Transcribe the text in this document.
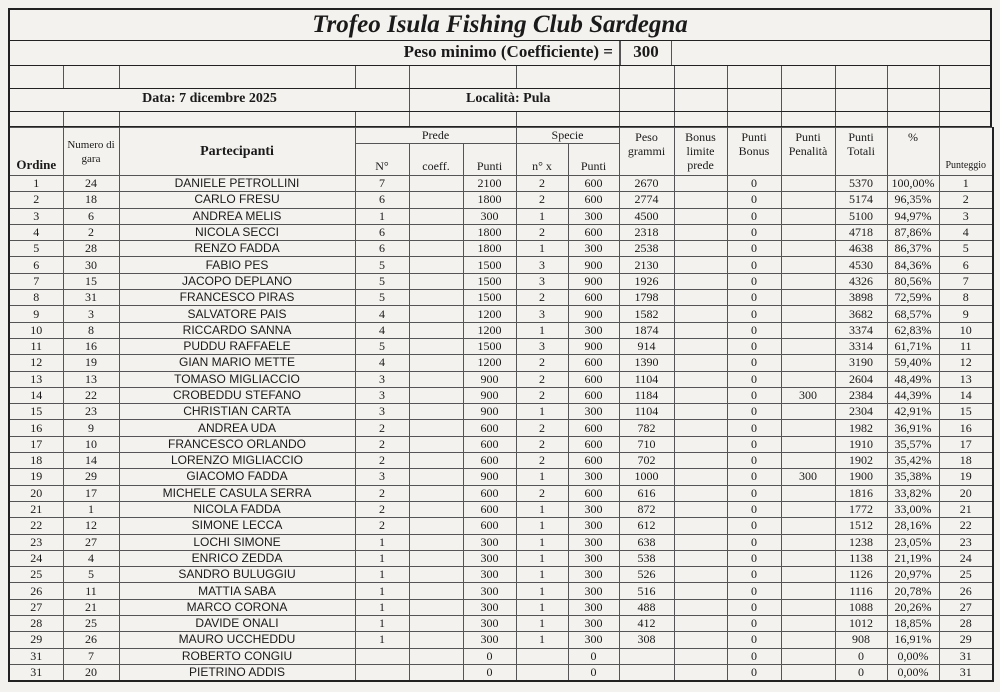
Trofeo Isula Fishing Club Sardegna
Peso minimo (Coefficiente) =	300
Data: 7 dicembre 2025	Località: Pula
Ordine	Numero di gara	Partecipanti	Prede			Specie		Peso grammi	Bonus limite prede	Punti Bonus	Punti Penalità	Punti Totali	%	Punteggio
			N°	coeff.	Punti	n° x	Punti							
1	24	DANIELE PETROLLINI	7		2100	2	600	2670		0		5370	100,00%	1
2	18	CARLO FRESU	6		1800	2	600	2774		0		5174	96,35%	2
3	6	ANDREA MELIS	1		300	1	300	4500		0		5100	94,97%	3
4	2	NICOLA SECCI	6		1800	2	600	2318		0		4718	87,86%	4
5	28	RENZO FADDA	6		1800	1	300	2538		0		4638	86,37%	5
6	30	FABIO PES	5		1500	3	900	2130		0		4530	84,36%	6
7	15	JACOPO DEPLANO	5		1500	3	900	1926		0		4326	80,56%	7
8	31	FRANCESCO PIRAS	5		1500	2	600	1798		0		3898	72,59%	8
9	3	SALVATORE PAIS	4		1200	3	900	1582		0		3682	68,57%	9
10	8	RICCARDO SANNA	4		1200	1	300	1874		0		3374	62,83%	10
11	16	PUDDU RAFFAELE	5		1500	3	900	914		0		3314	61,71%	11
12	19	GIAN MARIO METTE	4		1200	2	600	1390		0		3190	59,40%	12
13	13	TOMASO MIGLIACCIO	3		900	2	600	1104		0		2604	48,49%	13
14	22	CROBEDDU STEFANO	3		900	2	600	1184		0	300	2384	44,39%	14
15	23	CHRISTIAN CARTA	3		900	1	300	1104		0		2304	42,91%	15
16	9	ANDREA UDA	2		600	2	600	782		0		1982	36,91%	16
17	10	FRANCESCO ORLANDO	2		600	2	600	710		0		1910	35,57%	17
18	14	LORENZO MIGLIACCIO	2		600	2	600	702		0		1902	35,42%	18
19	29	GIACOMO FADDA	3		900	1	300	1000		0	300	1900	35,38%	19
20	17	MICHELE CASULA SERRA	2		600	2	600	616		0		1816	33,82%	20
21	1	NICOLA FADDA	2		600	1	300	872		0		1772	33,00%	21
22	12	SIMONE LECCA	2		600	1	300	612		0		1512	28,16%	22
23	27	LOCHI SIMONE	1		300	1	300	638		0		1238	23,05%	23
24	4	ENRICO ZEDDA	1		300	1	300	538		0		1138	21,19%	24
25	5	SANDRO BULUGGIU	1		300	1	300	526		0		1126	20,97%	25
26	11	MATTIA SABA	1		300	1	300	516		0		1116	20,78%	26
27	21	MARCO CORONA	1		300	1	300	488		0		1088	20,26%	27
28	25	DAVIDE ONALI	1		300	1	300	412		0		1012	18,85%	28
29	26	MAURO UCCHEDDU	1		300	1	300	308		0		908	16,91%	29
31	7	ROBERTO CONGIU			0		0			0		0	0,00%	31
31	20	PIETRINO ADDIS			0		0			0		0	0,00%	31
